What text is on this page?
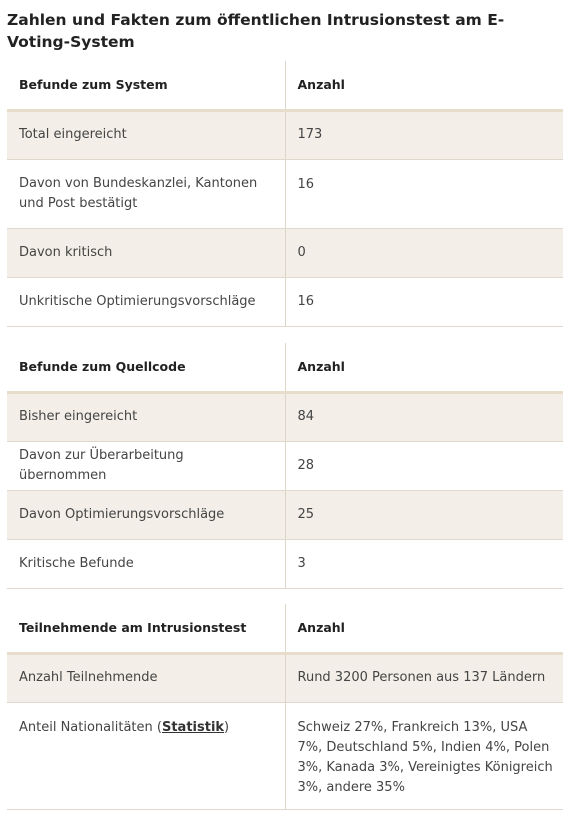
Zahlen und Fakten zum öffentlichen Intrusionstest am E-Voting-System
Befunde zum System	Anzahl
Total eingereicht	173
Davon von Bundeskanzlei, Kantonen und Post bestätigt	16
Davon kritisch	0
Unkritische Optimierungsvorschläge	16
Befunde zum Quellcode	Anzahl
Bisher eingereicht	84
Davon zur Überarbeitung übernommen	28
Davon Optimierungsvorschläge	25
Kritische Befunde	3
Teilnehmende am Intrusionstest	Anzahl
Anzahl Teilnehmende	Rund 3200 Personen aus 137 Ländern
Anteil Nationalitäten (Statistik)	Schweiz 27%, Frankreich 13%, USA 7%, Deutschland 5%, Indien 4%, Polen 3%, Kanada 3%, Vereinigtes Königreich 3%, andere 35%
